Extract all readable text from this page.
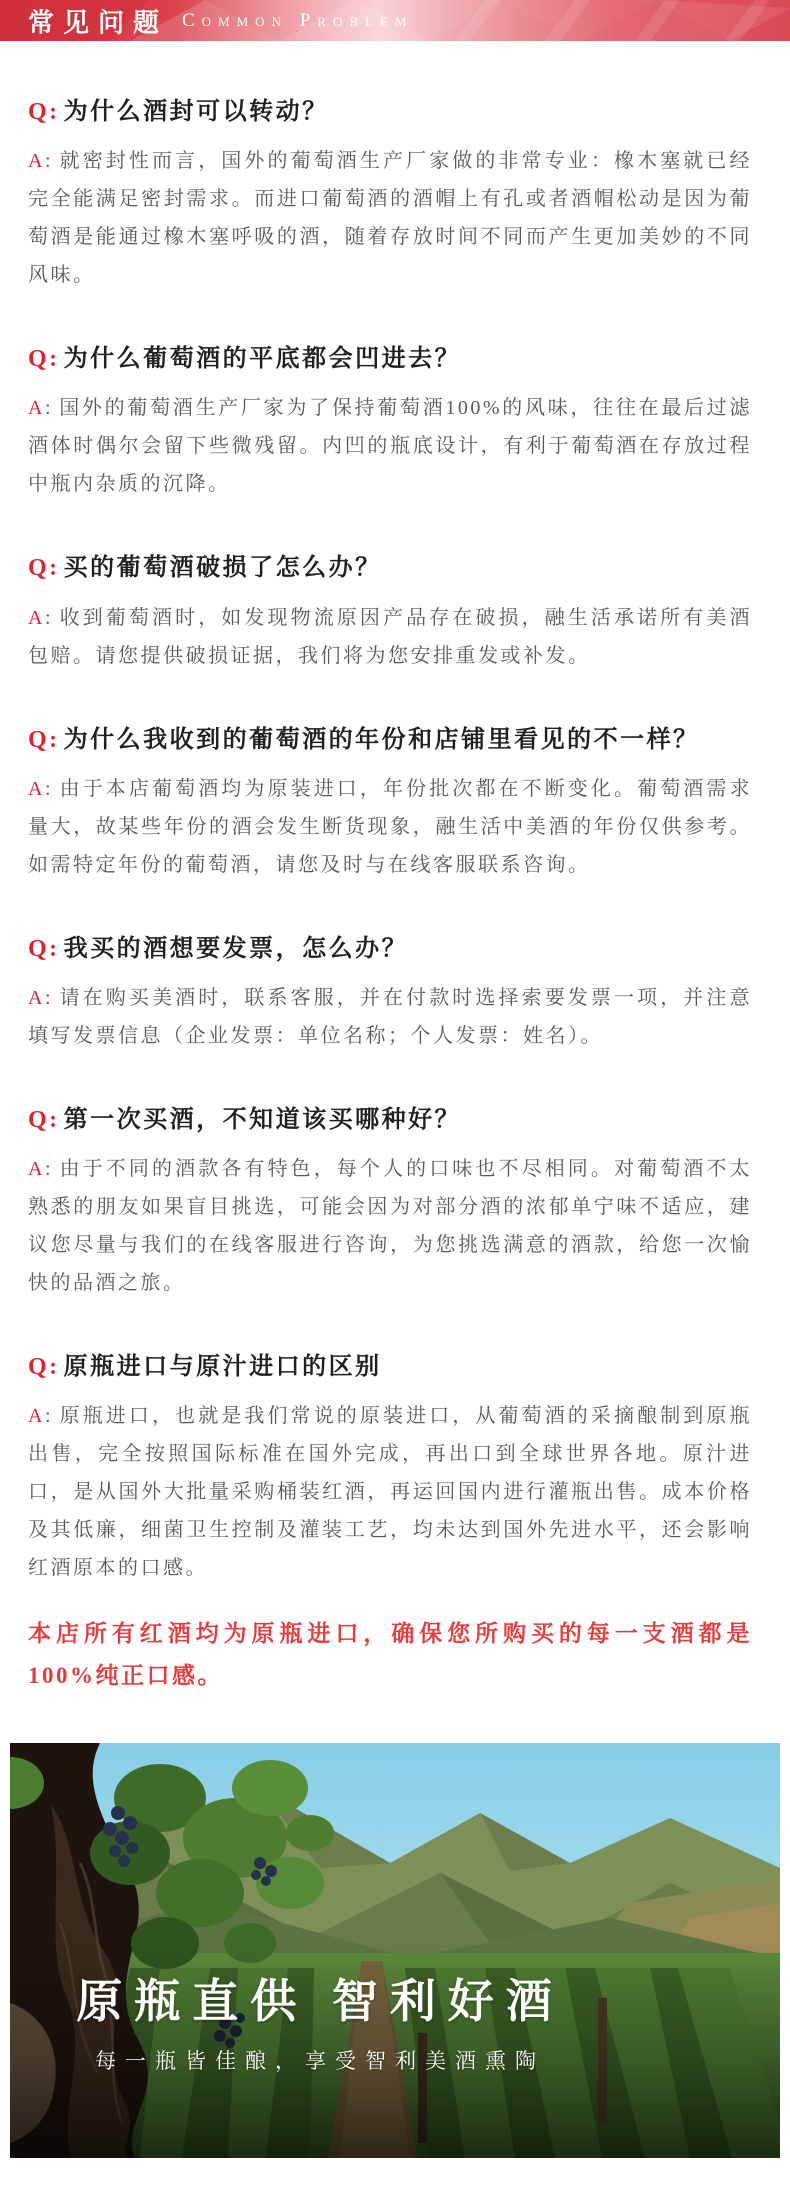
常见问题 Common Problem
Q: 为什么酒封可以转动？

A: 就密封性而言，国外的葡萄酒生产厂家做的非常专业：橡木塞就已经完全能满足密封需求。而进口葡萄酒的酒帽上有孔或者酒帽松动是因为葡萄酒是能通过橡木塞呼吸的酒，随着存放时间不同而产生更加美妙的不同风味。

Q: 为什么葡萄酒的平底都会凹进去？

A: 国外的葡萄酒生产厂家为了保持葡萄酒100%的风味，往往在最后过滤酒体时偶尔会留下些微残留。内凹的瓶底设计，有利于葡萄酒在存放过程中瓶内杂质的沉降。

Q: 买的葡萄酒破损了怎么办？

A: 收到葡萄酒时，如发现物流原因产品存在破损，融生活承诺所有美酒包赔。请您提供破损证据，我们将为您安排重发或补发。

Q: 为什么我收到的葡萄酒的年份和店铺里看见的不一样？

A: 由于本店葡萄酒均为原装进口，年份批次都在不断变化。葡萄酒需求量大，故某些年份的酒会发生断货现象，融生活中美酒的年份仅供参考。如需特定年份的葡萄酒，请您及时与在线客服联系咨询。

Q: 我买的酒想要发票，怎么办？

A: 请在购买美酒时，联系客服，并在付款时选择索要发票一项，并注意填写发票信息（企业发票：单位名称；个人发票：姓名）。

Q: 第一次买酒，不知道该买哪种好？

A: 由于不同的酒款各有特色，每个人的口味也不尽相同。对葡萄酒不太熟悉的朋友如果盲目挑选，可能会因为对部分酒的浓郁单宁味不适应，建议您尽量与我们的在线客服进行咨询，为您挑选满意的酒款，给您一次愉快的品酒之旅。

Q: 原瓶进口与原汁进口的区别

A: 原瓶进口，也就是我们常说的原装进口，从葡萄酒的采摘酿制到原瓶出售，完全按照国际标准在国外完成，再出口到全球世界各地。原汁进口，是从国外大批量采购桶装红酒，再运回国内进行灌瓶出售。成本价格及其低廉，细菌卫生控制及灌装工艺，均未达到国外先进水平，还会影响红酒原本的口感。

本店所有红酒均为原瓶进口，确保您所购买的每一支酒都是100%纯正口感。

原瓶直供 智利好酒
每一瓶皆佳酿，享受智利美酒熏陶
